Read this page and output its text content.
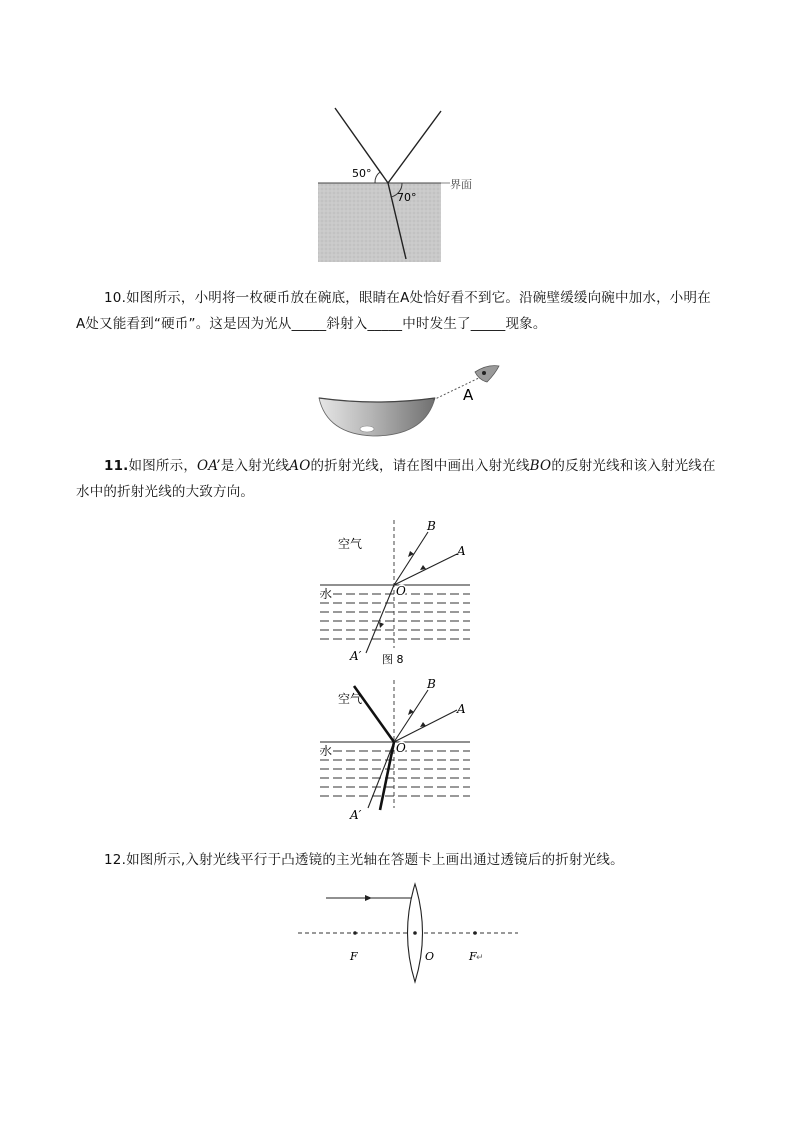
50°
70°
界面

10.如图所示，小明将一枚硬币放在碗底，眼睛在A处恰好看不到它。沿碗壁缓缓向碗中加水，小明在A处又能看到“硬币”。这是因为光从_____斜射入_____中时发生了_____现象。

A

11.如图所示，OA’是入射光线AO的折射光线，请在图中画出入射光线BO的反射光线和该入射光线在水中的折射光线的大致方向。

空气
水	O
B
A
A′ 图 8
空气
水	O
B
A
A′

12.如图所示,入射光线平行于凸透镜的主光轴在答题卡上画出通过透镜后的折射光线。

F	O	F ↵
